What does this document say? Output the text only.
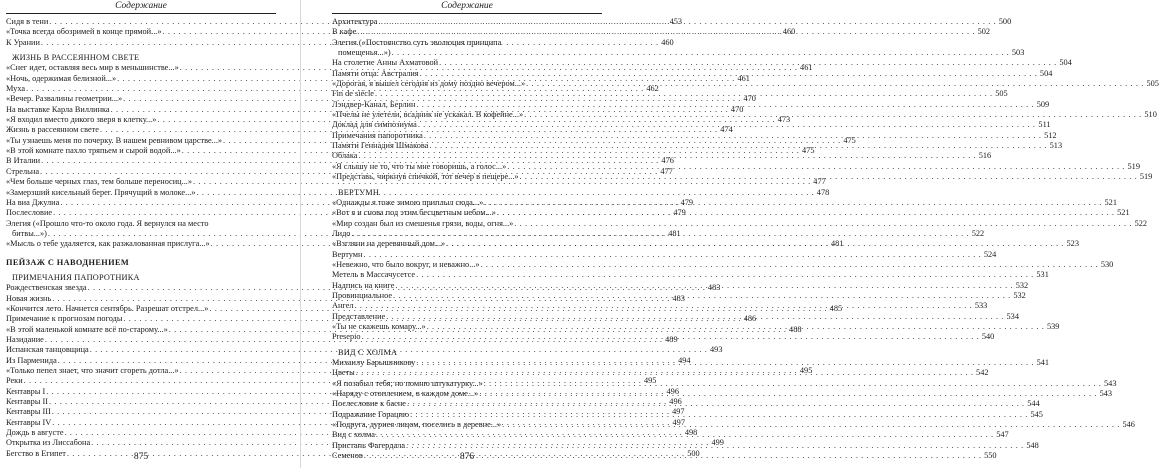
Содержание
Сидя в тени . . .	453
«Точка всегда обозримей в конце прямой...» . . .	460
К Урании . . .	460
ЖИЗНЬ В РАССЕЯННОМ СВЕТЕ
«Снег идет, оставляя весь мир в меньшинстве...» . . .	461
«Ночь, одержимая белизной...» . . .	461
Муха . . .	462
«Вечер. Развалины геометрии...» . . .	470
На выставке Карла Виллинка . . .	470
«Я входил вместо дикого зверя в клетку...» . . .	473
Жизнь в рассеянном свете . . .	474
«Ты узнаешь меня по почерку. В нашем ревнивом царстве...» . . .	475
«В этой комнате пахло тряпьем и сырой водой...» . . .	475
В Италии . . .	476
Стрельна . . .	477
«Чем больше черных глаз, тем больше переносиц...» . . .	477
«Замерзший кисельный берег. Прячущий в молоке...» . . .	478
На виа Джулиа . . .	479
Послесловие . . .	479
Элегия («Прошло что-то около года. Я вернулся на место
битвы...») . . .	481
«Мысль о тебе удаляется, как разжалованная прислуга...» . . .	481
ПЕЙЗАЖ С НАВОДНЕНИЕМ
ПРИМЕЧАНИЯ ПАПОРОТНИКА
Рождественская звезда . . .	483
Новая жизнь . . .	483
«Кончится лето. Начнется сентябрь. Разрешат отстрел...» . . .	485
Примечание к прогнозам погоды . . .	486
«В этой маленькой комнате всё по-старому...» . . .	488
Назидание . . .	489
Испанская танцовщица . . .	493
Из Парменида . . .	494
«Только пепел знает, что значит сгореть дотла...» . . .	495
Реки . . .	495
Кентавры I . . .	496
Кентавры II . . .	496
Кентавры III . . .	497
Кентавры IV . . .	497
Дождь в августе . . .	498
Открытка из Лиссабона . . .	499
Бегство в Египет . . .	500
875
Содержание
Архитектура . . .	500
В кафе . . .	502
Элегия («Постоянство суть эволюция принципа
помещенья...») . . .	503
На столетие Анны Ахматовой . . .	504
Памяти отца: Австралия . . .	504
«Дорогая, я вышел сегодня из дому поздно вечером...» . . .	505
Fin de siècle . . .	505
Лэндвер-Канал, Берлин . . .	509
«Пчелы не улетели, всадник не ускакал. В кофейне...» . . .	510
Доклад для симпозиума . . .	511
Примечания папоротника . . .	512
Памяти Геннадия Шмакова . . .	513
Облака . . .	516
«Я слышу не то, что ты мне говоришь, а голос...» . . .	519
«Представь, чиркнув спичкой, тот вечер в пещере...» . . .	519
ВЕРТУМН
«Однажды я тоже зимою приплыл сюда...» . . .	521
«Вот я и снова под этим бесцветным небом...» . . .	521
«Мир создан был из смешенья грязи, воды, огня...» . . .	522
Лидо . . .	522
«Взгляни на деревянный дом...» . . .	523
Вертумн . . .	524
«Невежно, что было вокруг, и неважно...» . . .	530
Метель в Массачусетсе . . .	531
Надпись на книге . . .	532
Провинциальное . . .	532
Ангел . . .	533
Представление . . .	534
«Ты не скажешь комару...» . . .	539
Presepio . . .	540
ВИД С ХОЛМА
Михаилу Барышникову . . .	541
Цветы . . .	542
«Я позабыл тебя; но помню штукатурку...» . . .	543
«Наряду с отоплением, в каждом доме...» . . .	543
Послесловие к басне . . .	544
Подражание Горацию . . .	545
«Подруга, дурнея лицом, поселись в деревне...» . . .	546
Вид с холма . . .	547
Пристань Фагердала . . .	548
Семенов . . .	550
876
